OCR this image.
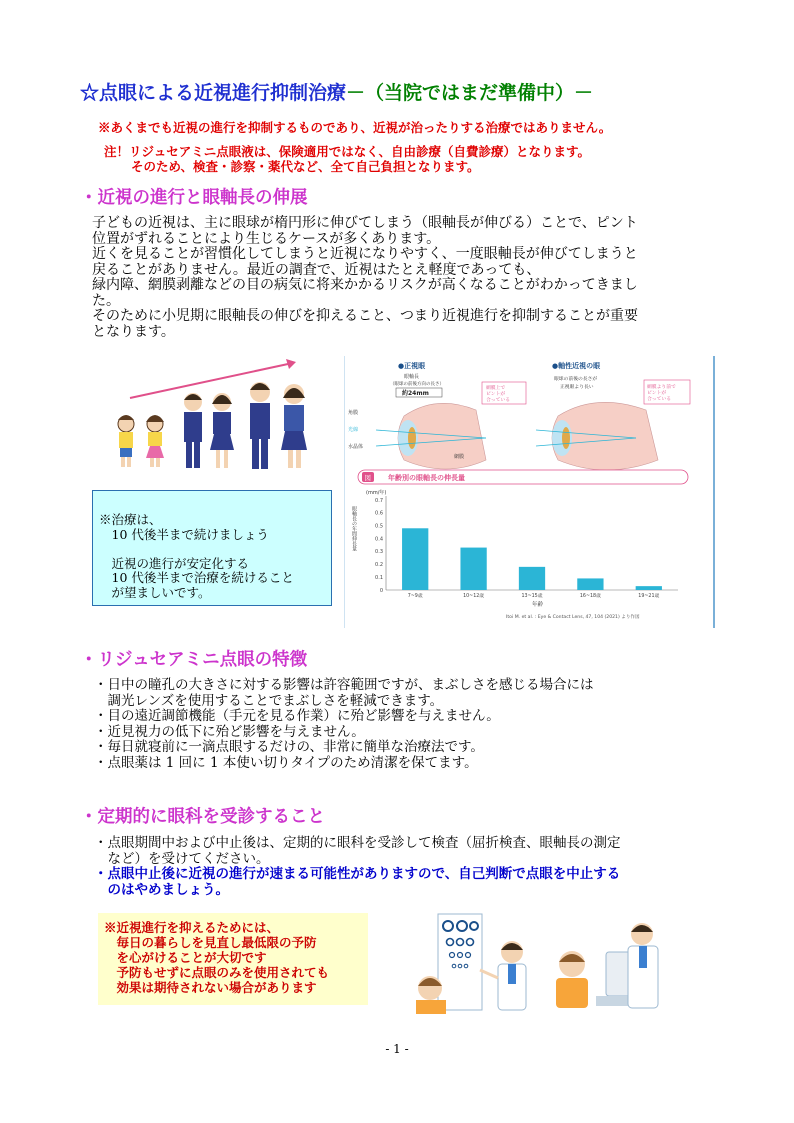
☆点眼による近視進行抑制治療－（当院ではまだ準備中）－
※あくまでも近視の進行を抑制するものであり、近視が治ったりする治療ではありません。
注！リジュセアミニ点眼液は、保険適用ではなく、自由診療（自費診療）となります。
そのため、検査・診察・薬代など、全て自己負担となります。
・近視の進行と眼軸長の伸展
子どもの近視は、主に眼球が楕円形に伸びてしまう（眼軸長が伸びる）ことで、ピント
位置がずれることにより生じるケースが多くあります。
近くを見ることが習慣化してしまうと近視になりやすく、一度眼軸長が伸びてしまうと
戻ることがありません。最近の調査で、近視はたとえ軽度であっても、
緑内障、網膜剥離などの目の病気に将来かかるリスクが高くなることがわかってきまし
た。
そのために小児期に眼軸長の伸びを抑えること、つまり近視進行を抑制することが重要
となります。
※治療は、
　10 代後半まで続けましょう

　近視の進行が安定化する
　10 代後半まで治療を続けること
　が望ましいです。
●正視眼
眼軸長
（眼球の前後方向の長さ）
約24mm
網膜上でピントが合っている
角膜
光線
水晶体
網膜
●軸性近視の眼
眼球の前後の長さが
正視眼より長い	網膜より前でピントが合っている
図 年齢別の眼軸長の伸長量
(mm/年)
眼軸長の年間伸長量
0
0.1
0.2
0.3
0.4
0.5
0.6
0.7
7~9歳	10~12歳	13~15歳	16~18歳	19~21歳
年齢
Itoi M. et al. : Eye & Contact Lens, 47, 104 (2021) より作図
・リジュセアミニ点眼の特徴
・日中の瞳孔の大きさに対する影響は許容範囲ですが、まぶしさを感じる場合には
　調光レンズを使用することでまぶしさを軽減できます。
・目の遠近調節機能（手元を見る作業）に殆ど影響を与えません。
・近見視力の低下に殆ど影響を与えません。
・毎日就寝前に一滴点眼するだけの、非常に簡単な治療法です。
・点眼薬は 1 回に 1 本使い切りタイプのため清潔を保てます。
・定期的に眼科を受診すること
・点眼期間中および中止後は、定期的に眼科を受診して検査（屈折検査、眼軸長の測定
　など）を受けてください。
・点眼中止後に近視の進行が速まる可能性がありますので、自己判断で点眼を中止する
　のはやめましょう。
※近視進行を抑えるためには、
　毎日の暮らしを見直し最低限の予防
　を心がけることが大切です
　予防もせずに点眼のみを使用されても
　効果は期待されない場合があります
- 1 -
